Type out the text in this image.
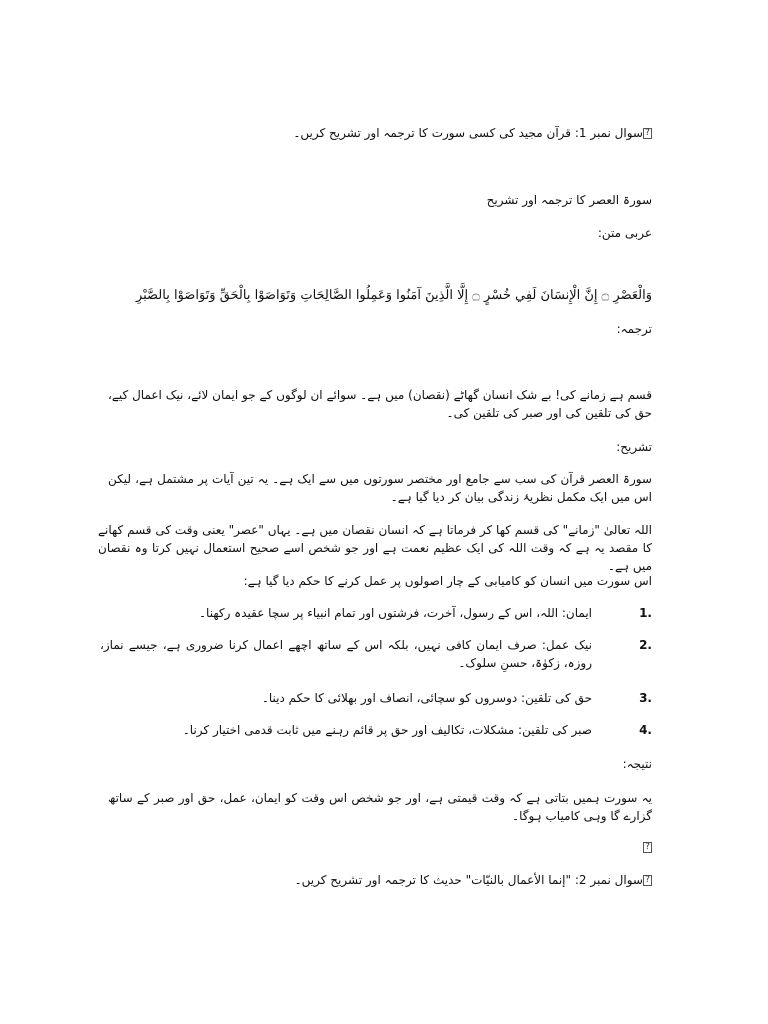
?سوال نمبر 1: قرآن مجید کی کسی سورت کا ترجمہ اور تشریح کریں۔
سورۃ العصر کا ترجمہ اور تشریح
عربی متن:
وَالْعَصْرِ ۝ إِنَّ الْإِنسَانَ لَفِي خُسْرٍ ۝ إِلَّا الَّذِينَ آمَنُوا وَعَمِلُوا الصَّالِحَاتِ وَتَوَاصَوْا بِالْحَقِّ وَتَوَاصَوْا بِالصَّبْرِ
ترجمہ:
قسم ہے زمانے کی! بے شک انسان گھاٹے (نقصان) میں ہے۔ سوائے ان لوگوں کے جو ایمان لائے، نیک اعمال کیے، حق کی تلقین کی اور صبر کی تلقین کی۔
تشریح:
سورۃ العصر قرآن کی سب سے جامع اور مختصر سورتوں میں سے ایک ہے۔ یہ تین آیات پر مشتمل ہے، لیکن اس میں ایک مکمل نظریۂ زندگی بیان کر دیا گیا ہے۔
اللہ تعالیٰ "زمانے" کی قسم کھا کر فرماتا ہے کہ انسان نقصان میں ہے۔ یہاں "عصر" یعنی وقت کی قسم کھانے کا مقصد یہ ہے کہ وقت اللہ کی ایک عظیم نعمت ہے اور جو شخص اسے صحیح استعمال نہیں کرتا وہ نقصان میں ہے۔
اس سورت میں انسان کو کامیابی کے چار اصولوں پر عمل کرنے کا حکم دیا گیا ہے:
1.
ایمان: اللہ، اس کے رسول، آخرت، فرشتوں اور تمام انبیاء پر سچا عقیدہ رکھنا۔
2.
نیک عمل: صرف ایمان کافی نہیں، بلکہ اس کے ساتھ اچھے اعمال کرنا ضروری ہے، جیسے نماز، روزہ، زکوٰۃ، حسنِ سلوک۔
3.
حق کی تلقین: دوسروں کو سچائی، انصاف اور بھلائی کا حکم دینا۔
4.
صبر کی تلقین: مشکلات، تکالیف اور حق پر قائم رہنے میں ثابت قدمی اختیار کرنا۔
نتیجہ:
یہ سورت ہمیں بتاتی ہے کہ وقت قیمتی ہے، اور جو شخص اس وقت کو ایمان، عمل، حق اور صبر کے ساتھ گزارے گا وہی کامیاب ہوگا۔
?
?سوال نمبر 2: "إنما الأعمال بالنيّات" حدیث کا ترجمہ اور تشریح کریں۔
